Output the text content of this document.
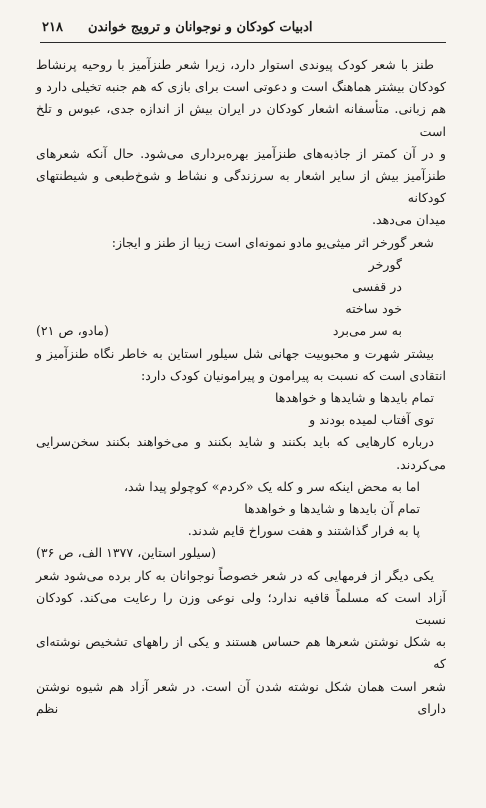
ادبیات کودکان و نوجوانان و ترویج خواندن
۲۱۸

طنز با شعر کودک پیوندی استوار دارد، زیرا شعر طنزآمیز با روحیه پرنشاط

کودکان بیشتر هماهنگ است و دعوتی است برای بازی که هم جنبه تخیلی دارد و

هم زبانی. متأسفانه اشعار کودکان در ایران بیش از اندازه جدی، عبوس و تلخ است

و در آن کمتر از جاذبه‌های طنزآمیز بهره‌برداری می‌شود. حال آنکه شعرهای

طنزآمیز بیش از سایر اشعار به سرزندگی و نشاط و شوخ‌طبعی و شیطنتهای کودکانه

میدان می‌دهد.

شعر گورخر اثر میثی‌یو مادو نمونه‌ای است زیبا از طنز و ایجاز:

گورخر

در قفسی

خود ساخته

به سر می‌برد
(مادو، ص ۲۱)

بیشتر شهرت و محبوبیت جهانی شل سیلور استاین به خاطر نگاه طنزآمیز و

انتقادی است که نسبت به پیرامون و پیرامونیان کودک دارد:

تمام بایدها و شایدها و خواهدها

توی آفتاب لمیده بودند و

درباره کارهایی که باید بکنند و شاید بکنند و می‌خواهند بکنند سخن‌سرایی

می‌کردند.

اما به محض اینکه سر و کله یک «کردم» کوچولو پیدا شد،

تمام آن بایدها و شایدها و خواهدها

پا به فرار گذاشتند و هفت سوراخ قایم شدند.

(سیلور استاین، ۱۳۷۷ الف، ص ۳۶)

یکی دیگر از فرمهایی که در شعر خصوصاً نوجوانان به کار برده می‌شود شعر

آزاد است که مسلماً قافیه ندارد؛ ولی نوعی وزن را رعایت می‌کند. کودکان نسبت

به شکل نوشتن شعرها هم حساس هستند و یکی از راههای تشخیص نوشته‌ای که

شعر است همان شکل نوشته شدن آن است. در شعر آزاد هم شیوه نوشتن دارای نظم
